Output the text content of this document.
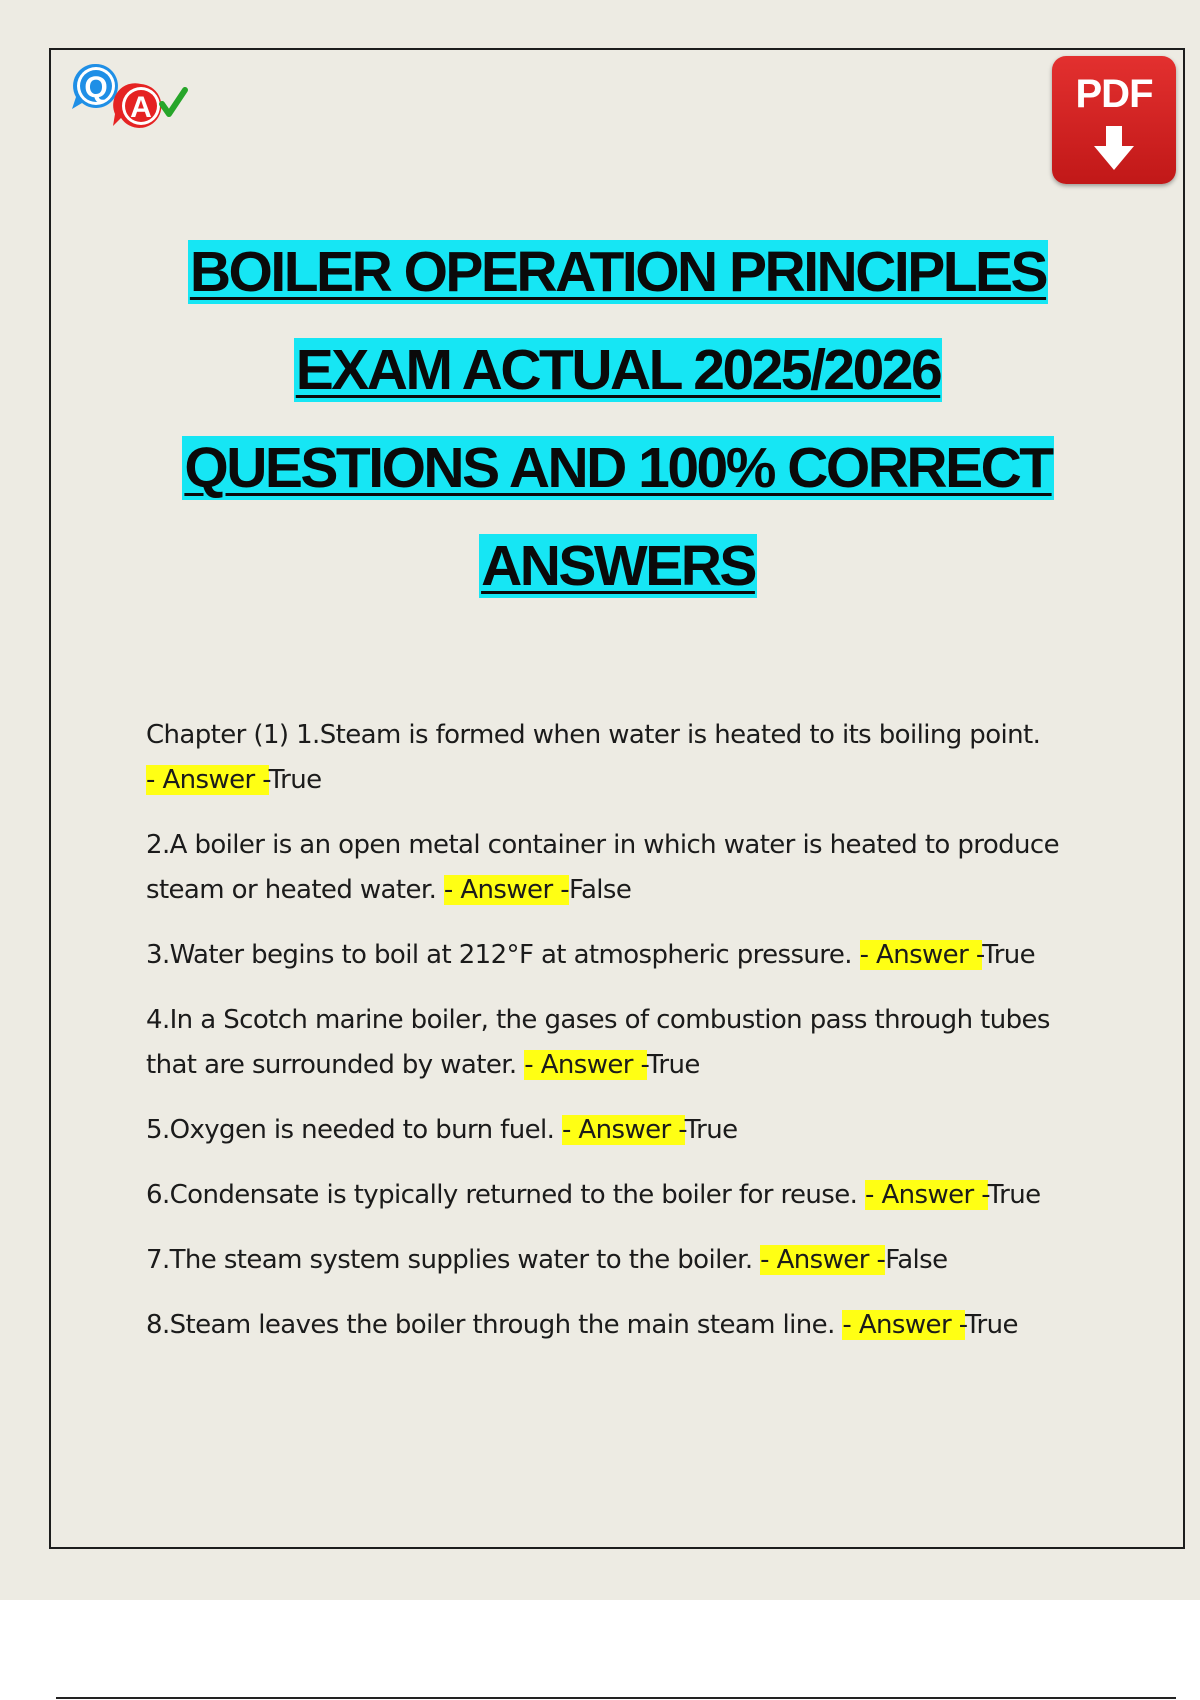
Q
A	PDF
BOILER OPERATION PRINCIPLES
EXAM ACTUAL 2025/2026
QUESTIONS AND 100% CORRECT
ANSWERS

Chapter (1) 1.Steam is formed when water is heated to its boiling point.
- Answer -True

2.A boiler is an open metal container in which water is heated to produce steam or heated water. - Answer -False

3.Water begins to boil at 212°F at atmospheric pressure. - Answer -True

4.In a Scotch marine boiler, the gases of combustion pass through tubes that are surrounded by water. - Answer -True

5.Oxygen is needed to burn fuel. - Answer -True

6.Condensate is typically returned to the boiler for reuse. - Answer -True

7.The steam system supplies water to the boiler. - Answer -False

8.Steam leaves the boiler through the main steam line. - Answer -True
